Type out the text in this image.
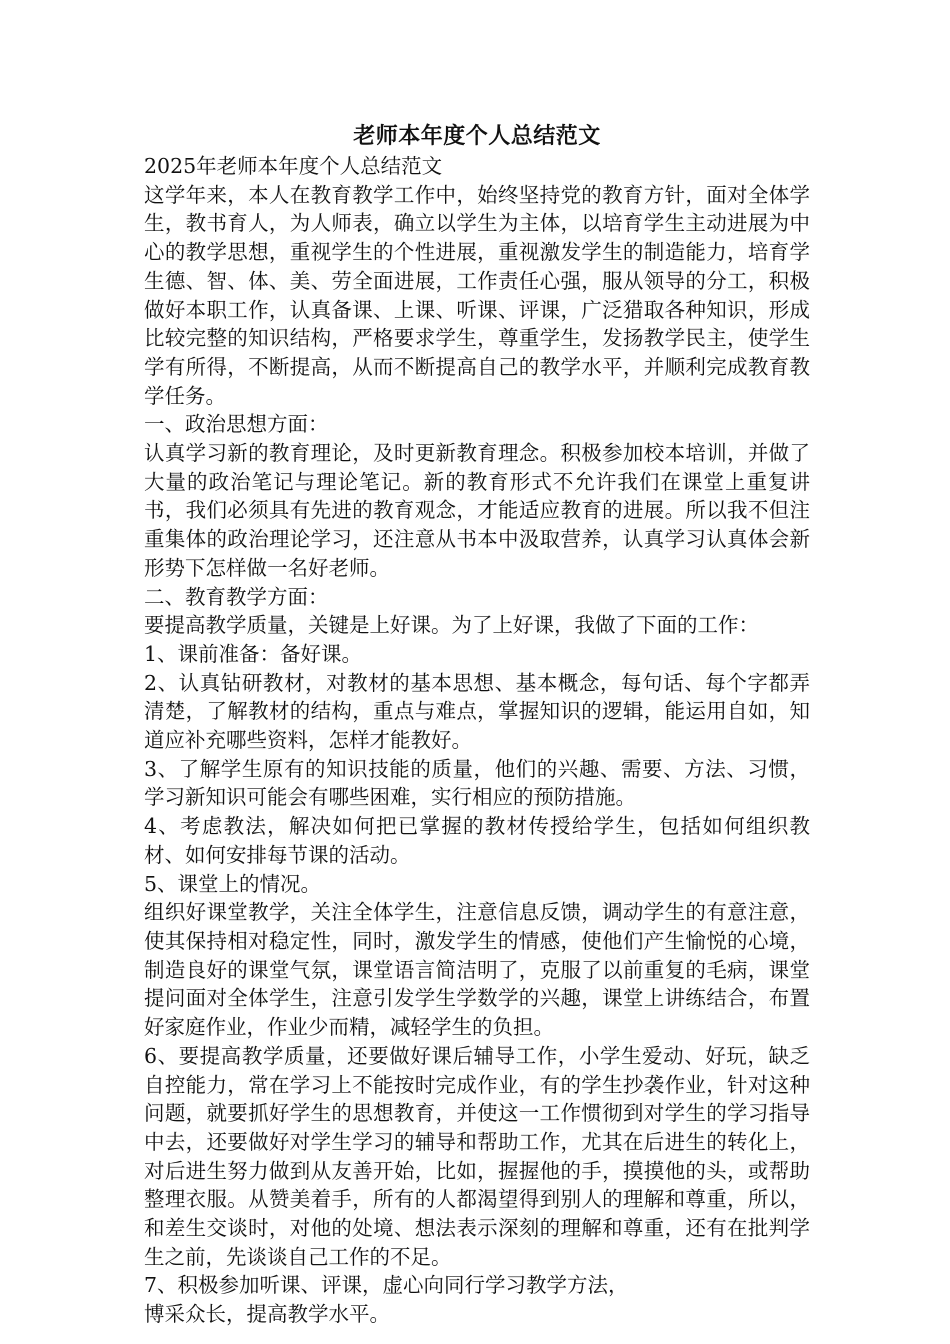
老师本年度个人总结范文

2025年老师本年度个人总结范文

这学年来，本人在教育教学工作中，始终坚持党的教育方针，面对全体学生，教书育人，为人师表，确立以学生为主体，以培育学生主动进展为中心的教学思想，重视学生的个性进展，重视激发学生的制造能力，培育学生德、智、体、美、劳全面进展，工作责任心强，服从领导的分工，积极做好本职工作，认真备课、上课、听课、评课，广泛猎取各种知识，形成比较完整的知识结构，严格要求学生，尊重学生，发扬教学民主，使学生学有所得，不断提高，从而不断提高自己的教学水平，并顺利完成教育教学任务。

一、政治思想方面：

认真学习新的教育理论，及时更新教育理念。积极参加校本培训，并做了大量的政治笔记与理论笔记。新的教育形式不允许我们在课堂上重复讲书，我们必须具有先进的教育观念，才能适应教育的进展。所以我不但注重集体的政治理论学习，还注意从书本中汲取营养，认真学习认真体会新形势下怎样做一名好老师。

二、教育教学方面：

要提高教学质量，关键是上好课。为了上好课，我做了下面的工作：

1、课前准备：备好课。

2、认真钻研教材，对教材的基本思想、基本概念，每句话、每个字都弄清楚，了解教材的结构，重点与难点，掌握知识的逻辑，能运用自如，知道应补充哪些资料，怎样才能教好。

3、了解学生原有的知识技能的质量，他们的兴趣、需要、方法、习惯，学习新知识可能会有哪些困难，实行相应的预防措施。

4、考虑教法，解决如何把已掌握的教材传授给学生，包括如何组织教材、如何安排每节课的活动。

5、课堂上的情况。

组织好课堂教学，关注全体学生，注意信息反馈，调动学生的有意注意，使其保持相对稳定性，同时，激发学生的情感，使他们产生愉悦的心境，制造良好的课堂气氛，课堂语言简洁明了，克服了以前重复的毛病，课堂提问面对全体学生，注意引发学生学数学的兴趣，课堂上讲练结合，布置好家庭作业，作业少而精，减轻学生的负担。

6、要提高教学质量，还要做好课后辅导工作，小学生爱动、好玩，缺乏自控能力，常在学习上不能按时完成作业，有的学生抄袭作业，针对这种问题，就要抓好学生的思想教育，并使这一工作惯彻到对学生的学习指导中去，还要做好对学生学习的辅导和帮助工作，尤其在后进生的转化上，对后进生努力做到从友善开始，比如，握握他的手，摸摸他的头，或帮助整理衣服。从赞美着手，所有的人都渴望得到别人的理解和尊重，所以，和差生交谈时，对他的处境、想法表示深刻的理解和尊重，还有在批判学生之前，先谈谈自己工作的不足。

7、积极参加听课、评课，虚心向同行学习教学方法，

博采众长，提高教学水平。
